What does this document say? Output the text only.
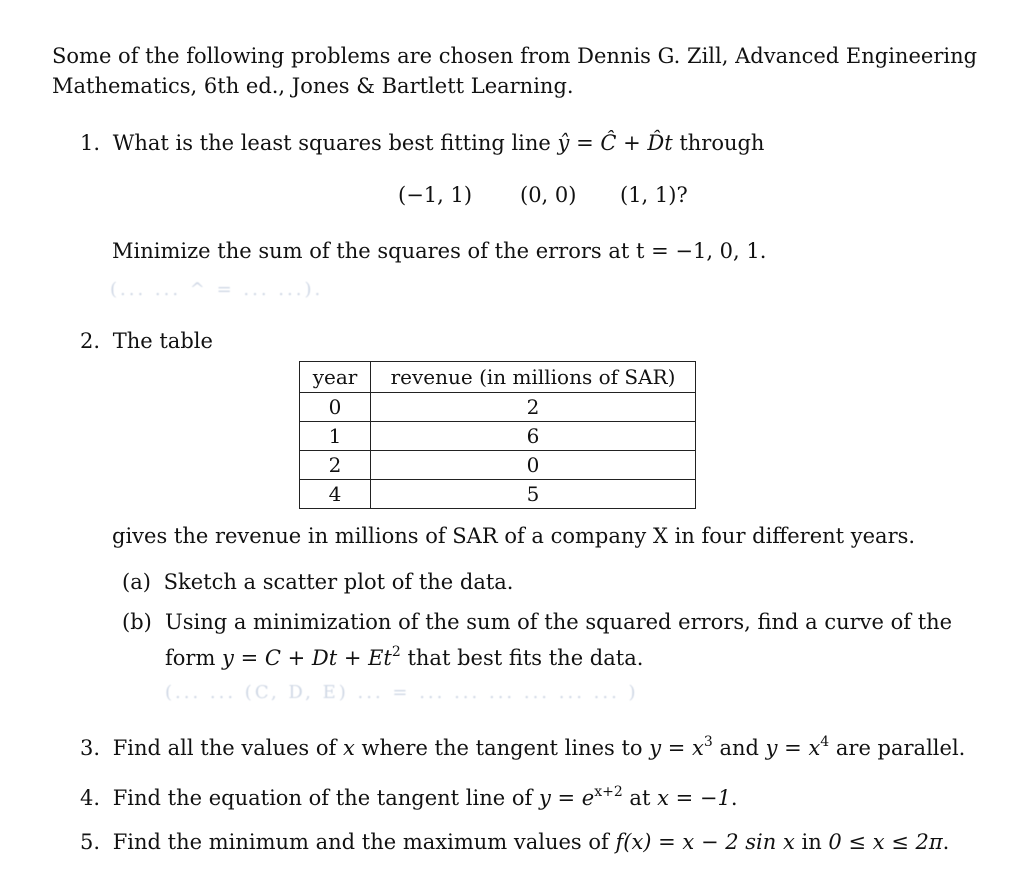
Some of the following problems are chosen from Dennis G. Zill, Advanced Engineering
Mathematics, 6th ed., Jones & Bartlett Learning.
1. What is the least squares best fitting line ŷ = Ĉ + D̂t through
(−1, 1) (0, 0) (1, 1)?
Minimize the sum of the squares of the errors at t = −1, 0, 1.
(... ... ^ = ... ...).
2. The table
year	revenue (in millions of SAR)
0	2
1	6
2	0
4	5
gives the revenue in millions of SAR of a company X in four different years.
(a) Sketch a scatter plot of the data.
(b) Using a minimization of the sum of the squared errors, find a curve of the
form $y = C + Dt + Et^2$ that best fits the data.
(... ... (C, D, E) ... = ... ... ... ... ... ... )
3. Find all the values of x where the tangent lines to $y = x^3$ and $y = x^4$ are parallel.
4. Find the equation of the tangent line of $y = e^{x+2}$ at x = −1.
5. Find the minimum and the maximum values of f(x) = x − 2 sin x in 0 ≤ x ≤ 2π.
